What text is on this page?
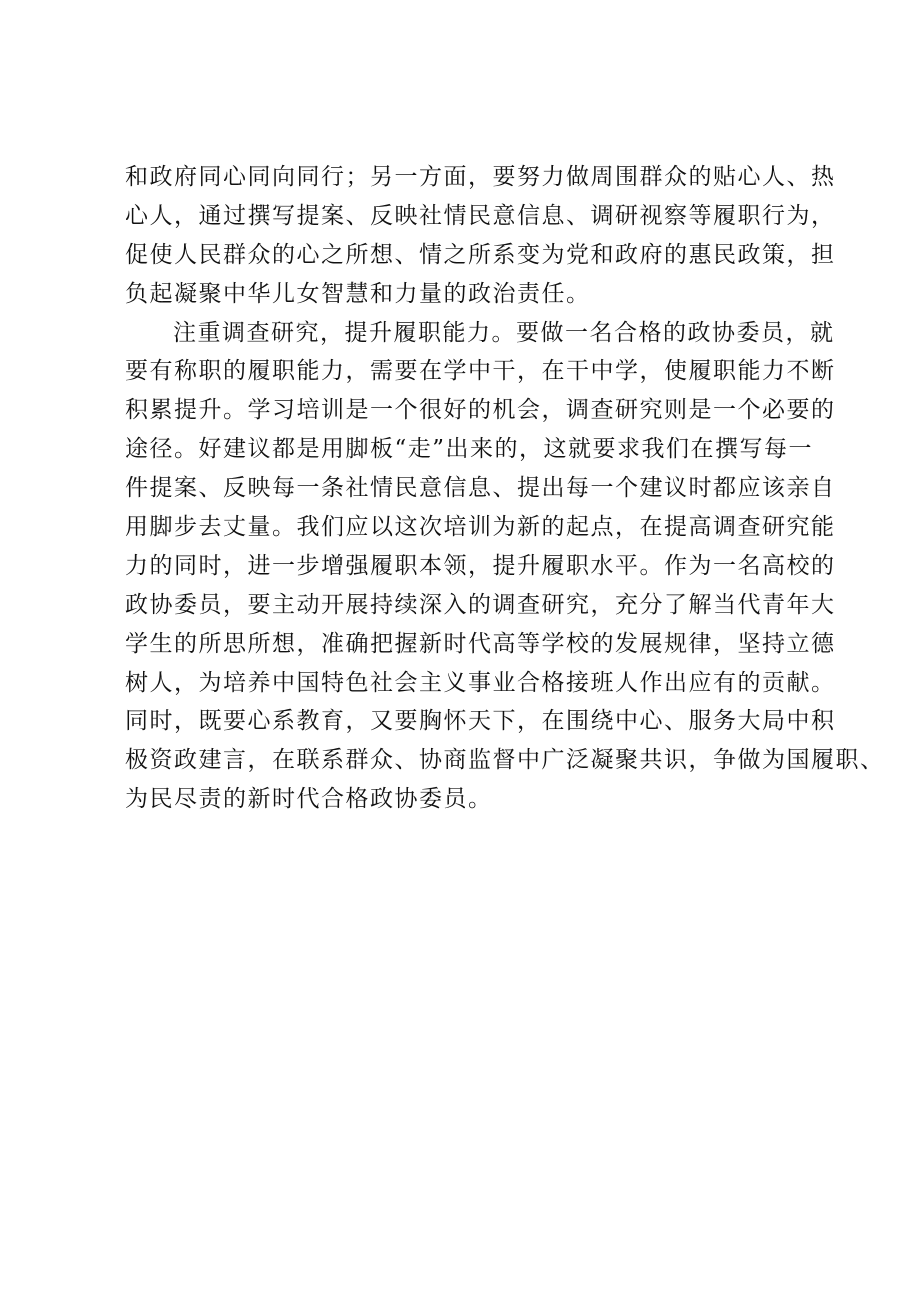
和政府同心同向同行；另一方面，要努力做周围群众的贴心人、热
心人，通过撰写提案、反映社情民意信息、调研视察等履职行为，
促使人民群众的心之所想、情之所系变为党和政府的惠民政策，担
负起凝聚中华儿女智慧和力量的政治责任。
注重调查研究，提升履职能力。要做一名合格的政协委员，就
要有称职的履职能力，需要在学中干，在干中学，使履职能力不断
积累提升。学习培训是一个很好的机会，调查研究则是一个必要的
途径。好建议都是用脚板“走”出来的，这就要求我们在撰写每一
件提案、反映每一条社情民意信息、提出每一个建议时都应该亲自
用脚步去丈量。我们应以这次培训为新的起点，在提高调查研究能
力的同时，进一步增强履职本领，提升履职水平。作为一名高校的
政协委员，要主动开展持续深入的调查研究，充分了解当代青年大
学生的所思所想，准确把握新时代高等学校的发展规律，坚持立德
树人，为培养中国特色社会主义事业合格接班人作出应有的贡献。
同时，既要心系教育，又要胸怀天下，在围绕中心、服务大局中积
极资政建言，在联系群众、协商监督中广泛凝聚共识，争做为国履职、
为民尽责的新时代合格政协委员。
